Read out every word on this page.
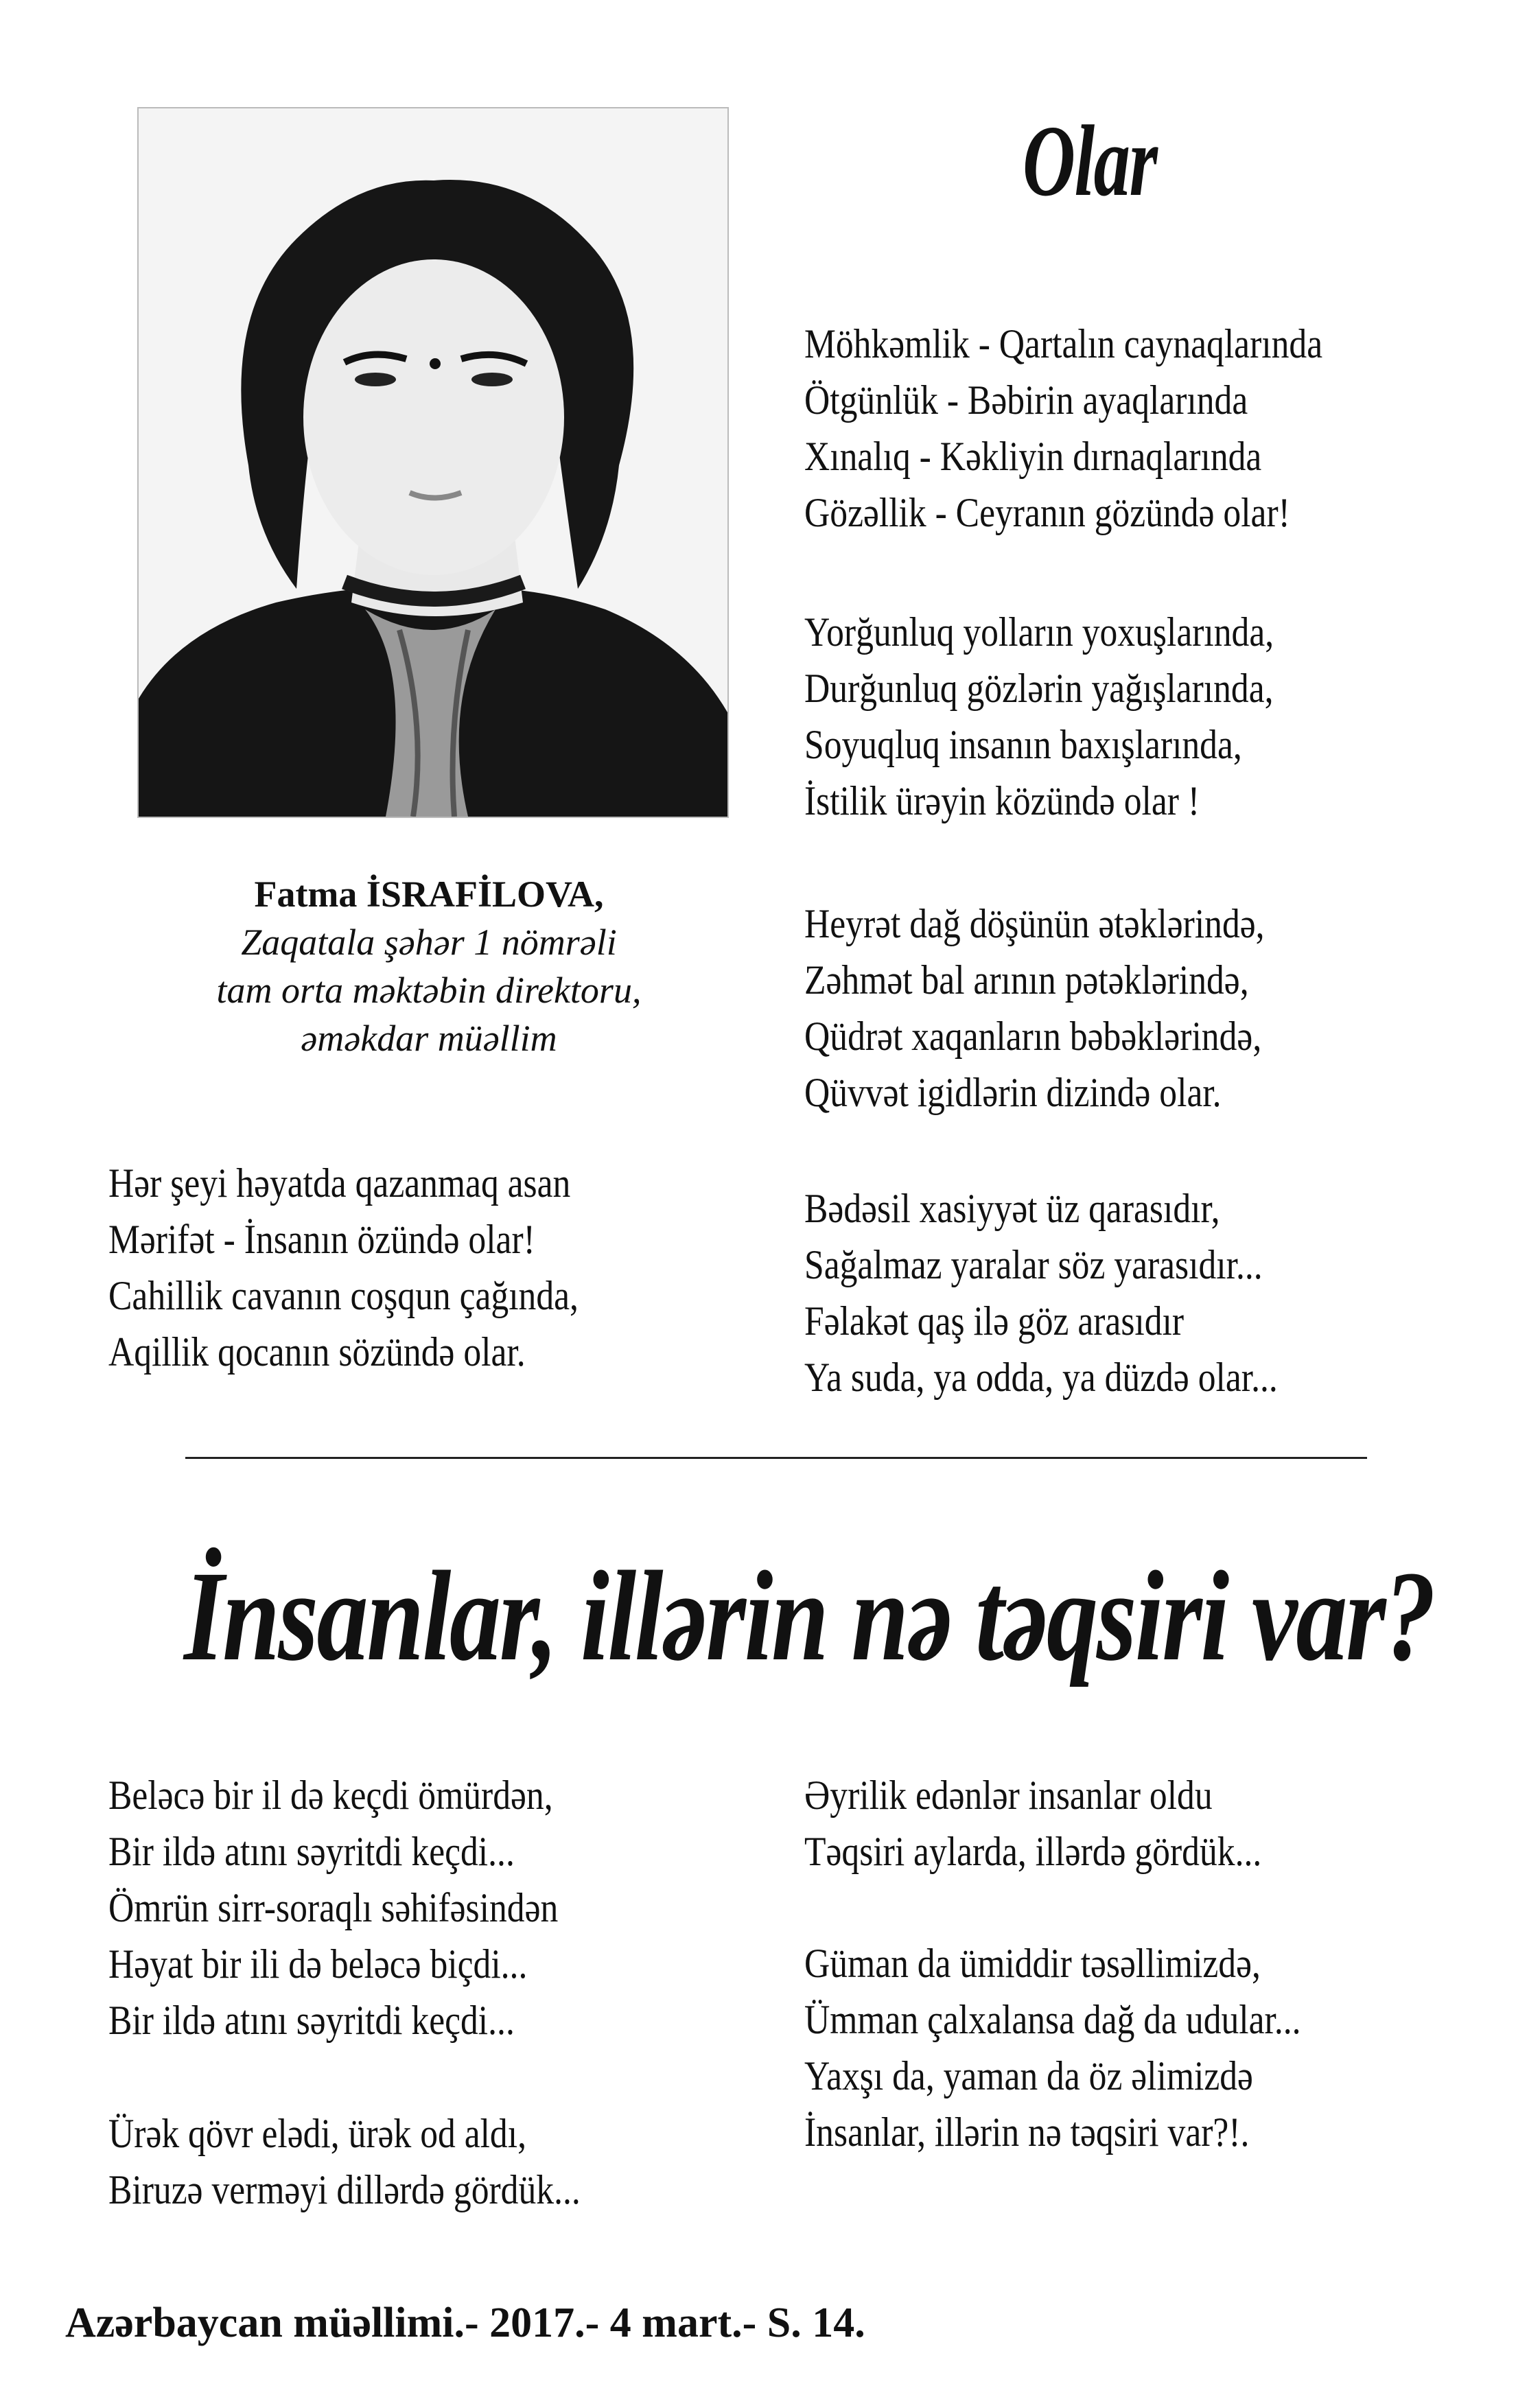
Olar
Möhkəmlik - Qartalın caynaqlarında
Ötgünlük - Bəbirin ayaqlarında
Xınalıq - Kəkliyin dırnaqlarında
Gözəllik - Ceyranın gözündə olar!
Yorğunluq yolların yoxuşlarında,
Durğunluq gözlərin yağışlarında,
Soyuqluq insanın baxışlarında,
İstilik ürəyin közündə olar !
Heyrət dağ döşünün ətəklərində,
Zəhmət bal arının pətəklərində,
Qüdrət xaqanların bəbəklərində,
Qüvvət igidlərin dizində olar.
Bədəsil xasiyyət üz qarasıdır,
Sağalmaz yaralar söz yarasıdır...
Fəlakət qaş ilə göz arasıdır
Ya suda, ya odda, ya düzdə olar...
Fatma İSRAFİLOVA,
Zaqatala şəhər 1 nömrəli
tam orta məktəbin direktoru,
əməkdar müəllim
Hər şeyi həyatda qazanmaq asan
Mərifət - İnsanın özündə olar!
Cahillik cavanın coşqun çağında,
Aqillik qocanın sözündə olar.
İnsanlar, illərin nə təqsiri var?
Beləcə bir il də keçdi ömürdən,
Bir ildə atını səyritdi keçdi...
Ömrün sirr-soraqlı səhifəsindən
Həyat bir ili də beləcə biçdi...
Bir ildə atını səyritdi keçdi...
Ürək qövr elədi, ürək od aldı,
Biruzə verməyi dillərdə gördük...
Əyrilik edənlər insanlar oldu
Təqsiri aylarda, illərdə gördük...
Güman da ümiddir təsəllimizdə,
Ümman çalxalansa dağ da udular...
Yaxşı da, yaman da öz əlimizdə
İnsanlar, illərin nə təqsiri var?!.
Azərbaycan müəllimi.- 2017.- 4 mart.- S. 14.
